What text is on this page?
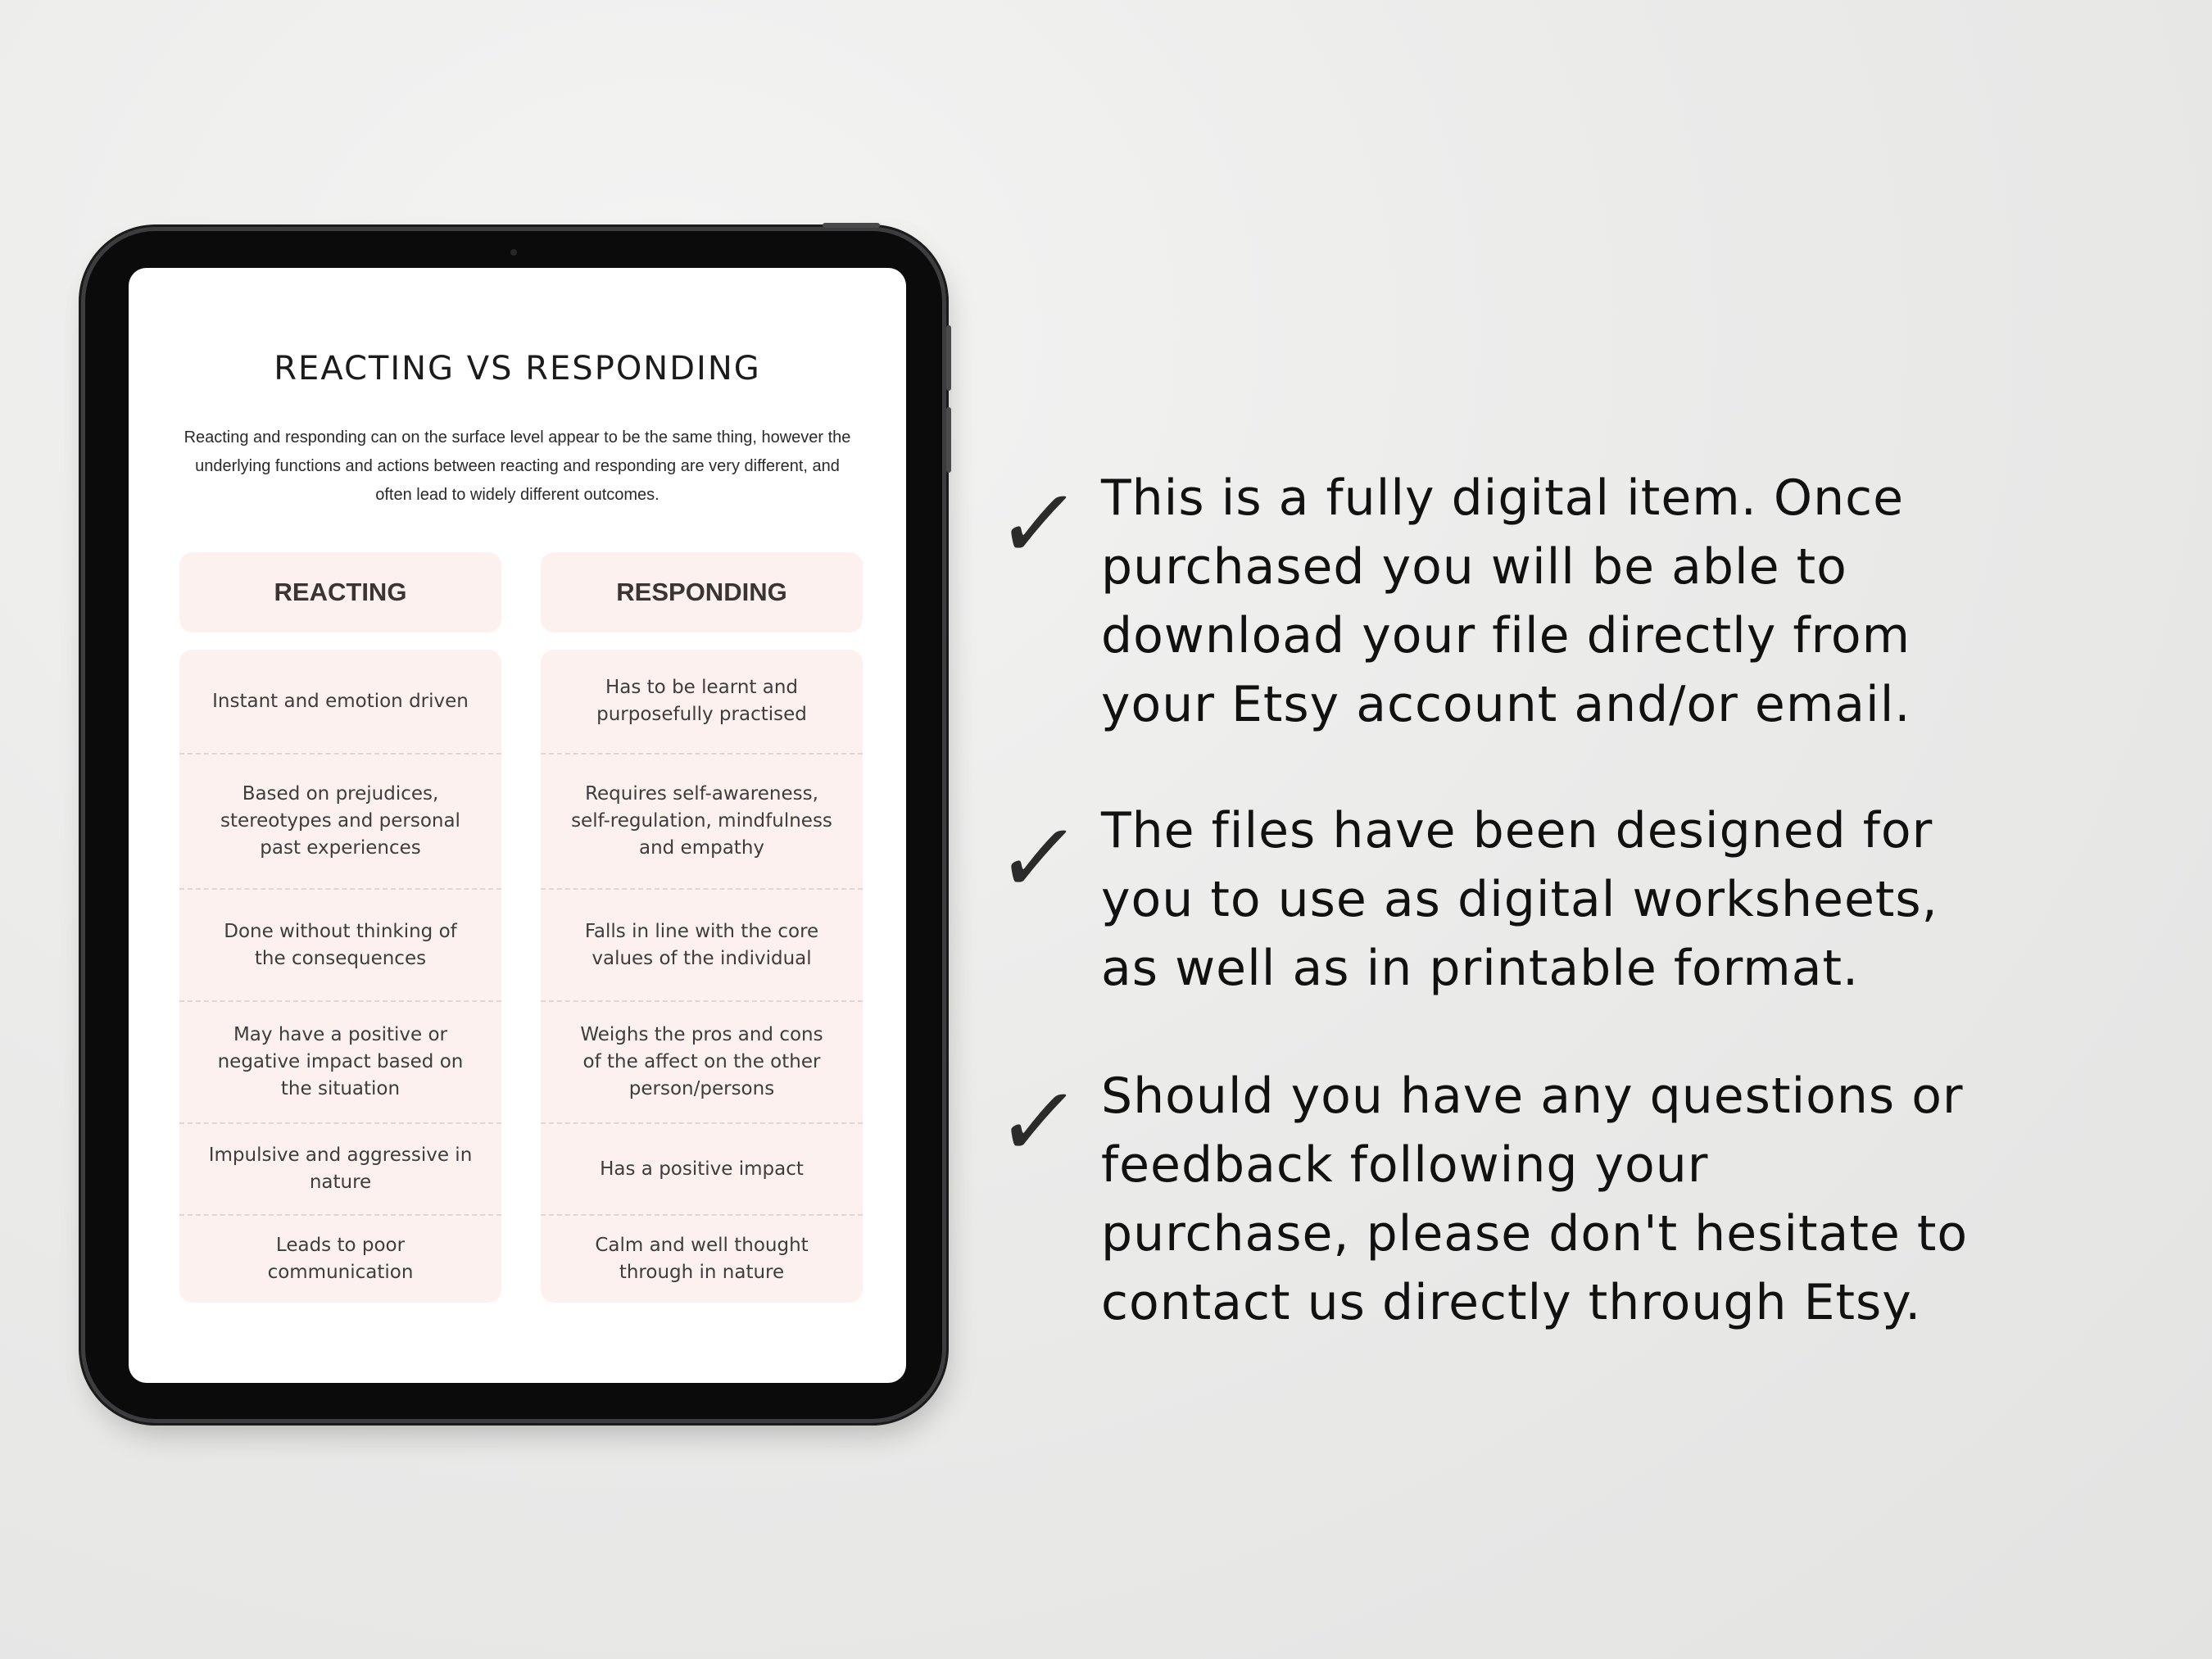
REACTING VS RESPONDING

Reacting and responding can on the surface level appear to be the same thing, however the underlying functions and actions between reacting and responding are very different, and often lead to widely different outcomes.

REACTING
Instant and emotion driven
Based on prejudices, stereotypes and personal past experiences
Done without thinking of the consequences
May have a positive or negative impact based on the situation
Impulsive and aggressive in nature
Leads to poor communication
RESPONDING
Has to be learnt and purposefully practised
Requires self-awareness, self-regulation, mindfulness and empathy
Falls in line with the core values of the individual
Weighs the pros and cons of the affect on the other person/persons
Has a positive impact
Calm and well thought through in nature
✓ This is a fully digital item. Once purchased you will be able to download your file directly from your Etsy account and/or email.

✓ The files have been designed for you to use as digital worksheets, as well as in printable format.

✓ Should you have any questions or feedback following your purchase, please don't hesitate to contact us directly through Etsy.
